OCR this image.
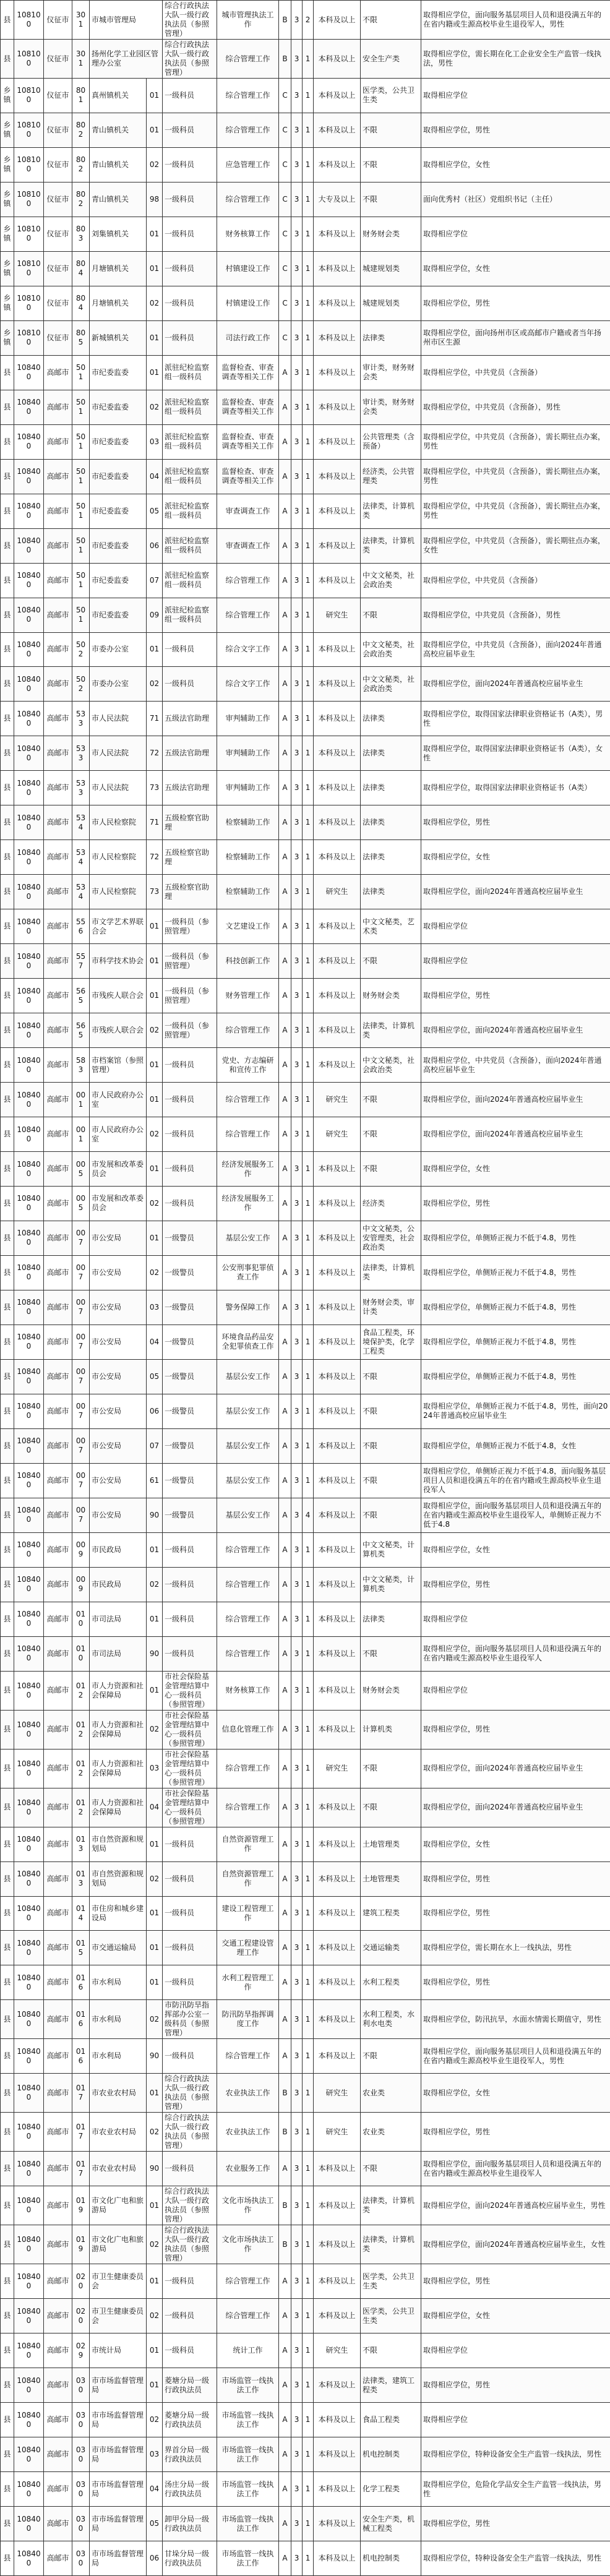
县	108100	仪征市	301	市城市管理局		综合行政执法大队一级行政执法员（参照管理）	城市管理执法工作	B	3	2	本科及以上	不限	取得相应学位，面向服务基层项目人员和退役满五年的在省内籍或生源高校毕业生退役军人，男性
县	108100	仪征市	301	扬州化学工业园区管理办公室		综合行政执法大队一级行政执法员（参照管理）	综合管理工作	B	3	1	本科及以上	安全生产类	取得相应学位，需长期在化工企业安全生产监管一线执法，男性
乡镇	108100	仪征市	801	真州镇机关	01	一级科员	综合管理工作	C	3	1	本科及以上	医学类，公共卫生类	取得相应学位
乡镇	108100	仪征市	802	青山镇机关	01	一级科员	综合管理工作	C	3	1	本科及以上	不限	取得相应学位，男性
乡镇	108100	仪征市	802	青山镇机关	02	一级科员	应急管理工作	C	3	1	本科及以上	不限	取得相应学位，女性
乡镇	108100	仪征市	802	青山镇机关	98	一级科员	综合管理工作	C	3	1	大专及以上	不限	面向优秀村（社区）党组织书记（主任）
乡镇	108100	仪征市	803	刘集镇机关	01	一级科员	财务核算工作	C	3	1	本科及以上	财务财会类	取得相应学位
乡镇	108100	仪征市	804	月塘镇机关	01	一级科员	村镇建设工作	C	3	1	本科及以上	城建规划类	取得相应学位，女性
乡镇	108100	仪征市	804	月塘镇机关	02	一级科员	村镇建设工作	C	3	1	本科及以上	城建规划类	取得相应学位，男性
乡镇	108100	仪征市	805	新城镇机关	01	一级科员	司法行政工作	C	3	1	本科及以上	法律类	取得相应学位，面向扬州市区或高邮市户籍或者当年扬州市区生源
县	108400	高邮市	501	市纪委监委	01	派驻纪检监察组一级科员	监督检查、审查调查等相关工作	A	3	1	本科及以上	审计类，财务财会类	取得相应学位，中共党员（含预备）
县	108400	高邮市	501	市纪委监委	02	派驻纪检监察组一级科员	监督检查、审查调查等相关工作	A	3	1	本科及以上	审计类，财务财会类	取得相应学位，中共党员（含预备），男性
县	108400	高邮市	501	市纪委监委	03	派驻纪检监察组一级科员	监督检查、审查调查等相关工作	A	3	1	本科及以上	公共管理类（含预备）	取得相应学位，中共党员（含预备），需长期驻点办案，男性
县	108400	高邮市	501	市纪委监委	04	派驻纪检监察组一级科员	监督检查、审查调查等相关工作	A	3	1	本科及以上	经济类，公共管理类	取得相应学位，中共党员（含预备），需长期驻点办案，男性
县	108400	高邮市	501	市纪委监委	05	派驻纪检监察组一级科员	审查调查工作	A	3	1	本科及以上	法律类，计算机类	取得相应学位，中共党员（含预备），需长期驻点办案，男性
县	108400	高邮市	501	市纪委监委	06	派驻纪检监察组一级科员	审查调查工作	A	3	1	本科及以上	法律类，计算机类	取得相应学位，中共党员（含预备），需长期驻点办案，女性
县	108400	高邮市	501	市纪委监委	07	派驻纪检监察组一级科员	综合管理工作	A	3	1	本科及以上	中文文秘类，社会政治类	取得相应学位，中共党员（含预备）
县	108400	高邮市	501	市纪委监委	09	派驻纪检监察组一级科员	综合管理工作	A	3	1	研究生	不限	取得相应学位，中共党员（含预备），男性
县	108400	高邮市	502	市委办公室	01	一级科员	综合文字工作	A	3	1	本科及以上	中文文秘类，社会政治类	取得相应学位，中共党员（含预备），面向2024年普通高校应届毕业生
县	108400	高邮市	502	市委办公室	02	一级科员	综合文字工作	A	3	1	本科及以上	中文文秘类，社会政治类	取得相应学位，面向2024年普通高校应届毕业生
县	108400	高邮市	533	市人民法院	71	五级法官助理	审判辅助工作	A	3	1	本科及以上	法律类	取得相应学位，取得国家法律职业资格证书（A类），男性
县	108400	高邮市	533	市人民法院	72	五级法官助理	审判辅助工作	A	3	1	本科及以上	法律类	取得相应学位，取得国家法律职业资格证书（A类），女性
县	108400	高邮市	533	市人民法院	73	五级法官助理	审判辅助工作	A	3	1	本科及以上	法律类	取得相应学位，取得国家法律职业资格证书（A类）
县	108400	高邮市	534	市人民检察院	71	五级检察官助理	检察辅助工作	A	3	1	本科及以上	法律类	取得相应学位，男性
县	108400	高邮市	534	市人民检察院	72	五级检察官助理	检察辅助工作	A	3	1	本科及以上	法律类	取得相应学位，女性
县	108400	高邮市	534	市人民检察院	73	五级检察官助理	检察辅助工作	A	3	1	研究生	法律类	取得相应学位，面向2024年普通高校应届毕业生
县	108400	高邮市	556	市文学艺术界联合会	01	一级科员（参照管理）	文艺建设工作	A	3	1	本科及以上	中文文秘类，艺术类	取得相应学位
县	108400	高邮市	557	市科学技术协会	01	一级科员（参照管理）	科技创新工作	A	3	1	本科及以上	不限	取得相应学位
县	108400	高邮市	565	市残疾人联合会	01	一级科员（参照管理）	财务管理工作	A	3	1	本科及以上	财务财会类	取得相应学位，男性
县	108400	高邮市	565	市残疾人联合会	02	一级科员（参照管理）	综合管理工作	A	3	1	本科及以上	法律类，计算机类	取得相应学位，面向2024年普通高校应届毕业生
县	108400	高邮市	583	市档案馆（参照管理）	01	一级科员	党史、方志编研和宣传工作	A	3	1	本科及以上	中文文秘类，社会政治类	取得相应学位，中共党员（含预备），面向2024年普通高校应届毕业生
县	108400	高邮市	001	市人民政府办公室	01	一级科员	综合管理工作	A	3	1	研究生	不限	取得相应学位，面向2024年普通高校应届毕业生
县	108400	高邮市	001	市人民政府办公室	02	一级科员	综合管理工作	A	3	1	研究生	不限	取得相应学位，面向2024年普通高校应届毕业生
县	108400	高邮市	005	市发展和改革委员会	01	一级科员	经济发展服务工作	A	3	1	本科及以上	不限	取得相应学位，女性
县	108400	高邮市	005	市发展和改革委员会	02	一级科员	经济发展服务工作	A	3	1	本科及以上	经济类	取得相应学位，男性
县	108400	高邮市	007	市公安局	01	一级警员	基层公安工作	A	3	1	本科及以上	中文文秘类，公安管理类，社会政治类	取得相应学位，单侧矫正视力不低于4.8，男性
县	108400	高邮市	007	市公安局	02	一级警员	公安刑事犯罪侦查工作	A	3	1	本科及以上	法律类，计算机类	取得相应学位，单侧矫正视力不低于4.8，男性
县	108400	高邮市	007	市公安局	03	一级警员	警务保障工作	A	3	1	本科及以上	财务财会类，审计类	取得相应学位，单侧矫正视力不低于4.8，男性
县	108400	高邮市	007	市公安局	04	一级警员	环境食品药品安全犯罪侦查工作	A	3	1	本科及以上	食品工程类，环境保护类，化学工程类	取得相应学位，单侧矫正视力不低于4.8，男性
县	108400	高邮市	007	市公安局	05	一级警员	基层公安工作	A	3	1	本科及以上	不限	取得相应学位，单侧矫正视力不低于4.8，男性
县	108400	高邮市	007	市公安局	06	一级警员	基层公安工作	A	3	1	本科及以上	不限	取得相应学位，单侧矫正视力不低于4.8，男性，面向2024年普通高校应届毕业生
县	108400	高邮市	007	市公安局	07	一级警员	基层公安工作	A	3	1	本科及以上	不限	取得相应学位，单侧矫正视力不低于4.8，女性
县	108400	高邮市	007	市公安局	61	一级警员	基层公安工作	A	3	1	本科及以上	不限	取得相应学位，单侧矫正视力不低于4.8，面向服务基层项目人员和退役满五年的在省内籍或生源高校毕业生退役军人
县	108400	高邮市	007	市公安局	90	一级警员	基层公安工作	A	3	4	本科及以上	不限	取得相应学位，面向服务基层项目人员和退役满五年的在省内籍或生源高校毕业生退役军人，单侧矫正视力不低于4.8
县	108400	高邮市	009	市民政局	01	一级科员	综合管理工作	A	3	1	本科及以上	中文文秘类，计算机类	取得相应学位，女性
县	108400	高邮市	009	市民政局	02	一级科员	综合管理工作	A	3	1	本科及以上	中文文秘类，计算机类	取得相应学位，男性
县	108400	高邮市	010	市司法局	01	一级科员	综合管理工作	A	3	1	本科及以上	法律类	取得相应学位
县	108400	高邮市	010	市司法局	90	一级科员	综合管理工作	A	3	1	本科及以上	不限	取得相应学位，面向服务基层项目人员和退役满五年的在省内籍或生源高校毕业生退役军人
县	108400	高邮市	012	市人力资源和社会保障局	01	市社会保险基金管理结算中心一级科员（参照管理）	财务核算工作	A	3	1	本科及以上	财务财会类	取得相应学位
县	108400	高邮市	012	市人力资源和社会保障局	02	市社会保险基金管理结算中心一级科员（参照管理）	信息化管理工作	A	3	1	本科及以上	计算机类	取得相应学位，男性
县	108400	高邮市	012	市人力资源和社会保障局	03	市社会保险基金管理结算中心一级科员（参照管理）	综合管理工作	A	3	1	研究生	不限	取得相应学位，面向2024年普通高校应届毕业生
县	108400	高邮市	012	市人力资源和社会保障局	04	市社会保险基金管理结算中心一级科员（参照管理）	综合管理工作	A	3	1	本科及以上	不限	取得相应学位，面向2024年普通高校应届毕业生
县	108400	高邮市	013	市自然资源和规划局	01	一级科员	自然资源管理工作	A	3	1	本科及以上	土地管理类	取得相应学位，女性
县	108400	高邮市	013	市自然资源和规划局	02	一级科员	自然资源管理工作	A	3	1	本科及以上	土地管理类	取得相应学位，男性
县	108400	高邮市	014	市住房和城乡建设局	01	一级科员	建设工程管理工作	A	3	1	本科及以上	建筑工程类	取得相应学位，男性
县	108400	高邮市	015	市交通运输局	01	一级科员	交通工程建设管理工作	A	3	1	本科及以上	交通运输类	取得相应学位，需长期在水上一线执法，男性
县	108400	高邮市	016	市水利局	01	一级科员	水利工程管理工作	A	3	1	本科及以上	水利工程类	取得相应学位，男性
县	108400	高邮市	016	市水利局	02	市防汛防旱指挥部办公室一级科员（参照管理）	防汛防旱指挥调度工作	A	3	1	本科及以上	水利工程类，水利水电类	取得相应学位，防汛抗旱，水面水情需长期值守，男性
县	108400	高邮市	016	市水利局	90	一级科员	综合管理工作	A	3	1	本科及以上	不限	取得相应学位，面向服务基层项目人员和退役满五年的在省内籍或生源高校毕业生退役军人，男性
县	108400	高邮市	017	市农业农村局	01	综合行政执法大队一级行政执法员（参照管理）	农业执法工作	B	3	1	研究生	农业类	取得相应学位，女性
县	108400	高邮市	017	市农业农村局	02	综合行政执法大队一级行政执法员（参照管理）	农业执法工作	B	3	1	研究生	农业类	取得相应学位，男性
县	108400	高邮市	017	市农业农村局	90	一级科员	农业服务工作	A	3	1	本科及以上	不限	取得相应学位，面向服务基层项目人员和退役满五年的在省内籍或生源高校毕业生退役军人
县	108400	高邮市	019	市文化广电和旅游局	01	综合行政执法大队一级行政执法员（参照管理）	文化市场执法工作	B	3	1	本科及以上	法律类，计算机类	取得相应学位，面向2024年普通高校应届毕业生，男性
县	108400	高邮市	019	市文化广电和旅游局	02	综合行政执法大队一级行政执法员（参照管理）	文化市场执法工作	B	3	1	本科及以上	法律类，计算机类	取得相应学位，面向2024年普通高校应届毕业生，女性
县	108400	高邮市	020	市卫生健康委员会	01	一级科员	综合管理工作	A	3	1	本科及以上	医学类，公共卫生类	取得相应学位，男性
县	108400	高邮市	020	市卫生健康委员会	02	一级科员	综合管理工作	A	3	1	本科及以上	医学类，公共卫生类	取得相应学位，女性
县	108400	高邮市	029	市统计局	01	一级科员	统计工作	A	3	1	研究生	不限	取得相应学位
县	108400	高邮市	030	市市场监督管理局	01	菱塘分局一级行政执法员	市场监管一线执法工作	A	3	1	本科及以上	法律类，建筑工程类	取得相应学位，男性
县	108400	高邮市	030	市市场监督管理局	02	菱塘分局一级行政执法员	市场监管一线执法工作	A	3	1	本科及以上	食品工程类	取得相应学位
县	108400	高邮市	030	市市场监督管理局	03	界首分局一级行政执法员	市场监管一线执法工作	A	3	1	本科及以上	机电控制类	取得相应学位，特种设备安全生产监管一线执法，男性
县	108400	高邮市	030	市市场监督管理局	04	汤庄分局一级行政执法员	市场监管一线执法工作	A	3	1	本科及以上	化学工程类	取得相应学位，危险化学品安全生产监管一线执法，男性
县	108400	高邮市	030	市市场监督管理局	05	卸甲分局一级行政执法员	市场监管一线执法工作	A	3	1	本科及以上	安全生产类，机械工程类	取得相应学位，男性
县	108400	高邮市	030	市市场监督管理局	06	甘垛分局一级行政执法员	市场监管一线执法工作	A	3	1	本科及以上	机电控制类	取得相应学位，特种设备安全生产监管一线执法，男性
